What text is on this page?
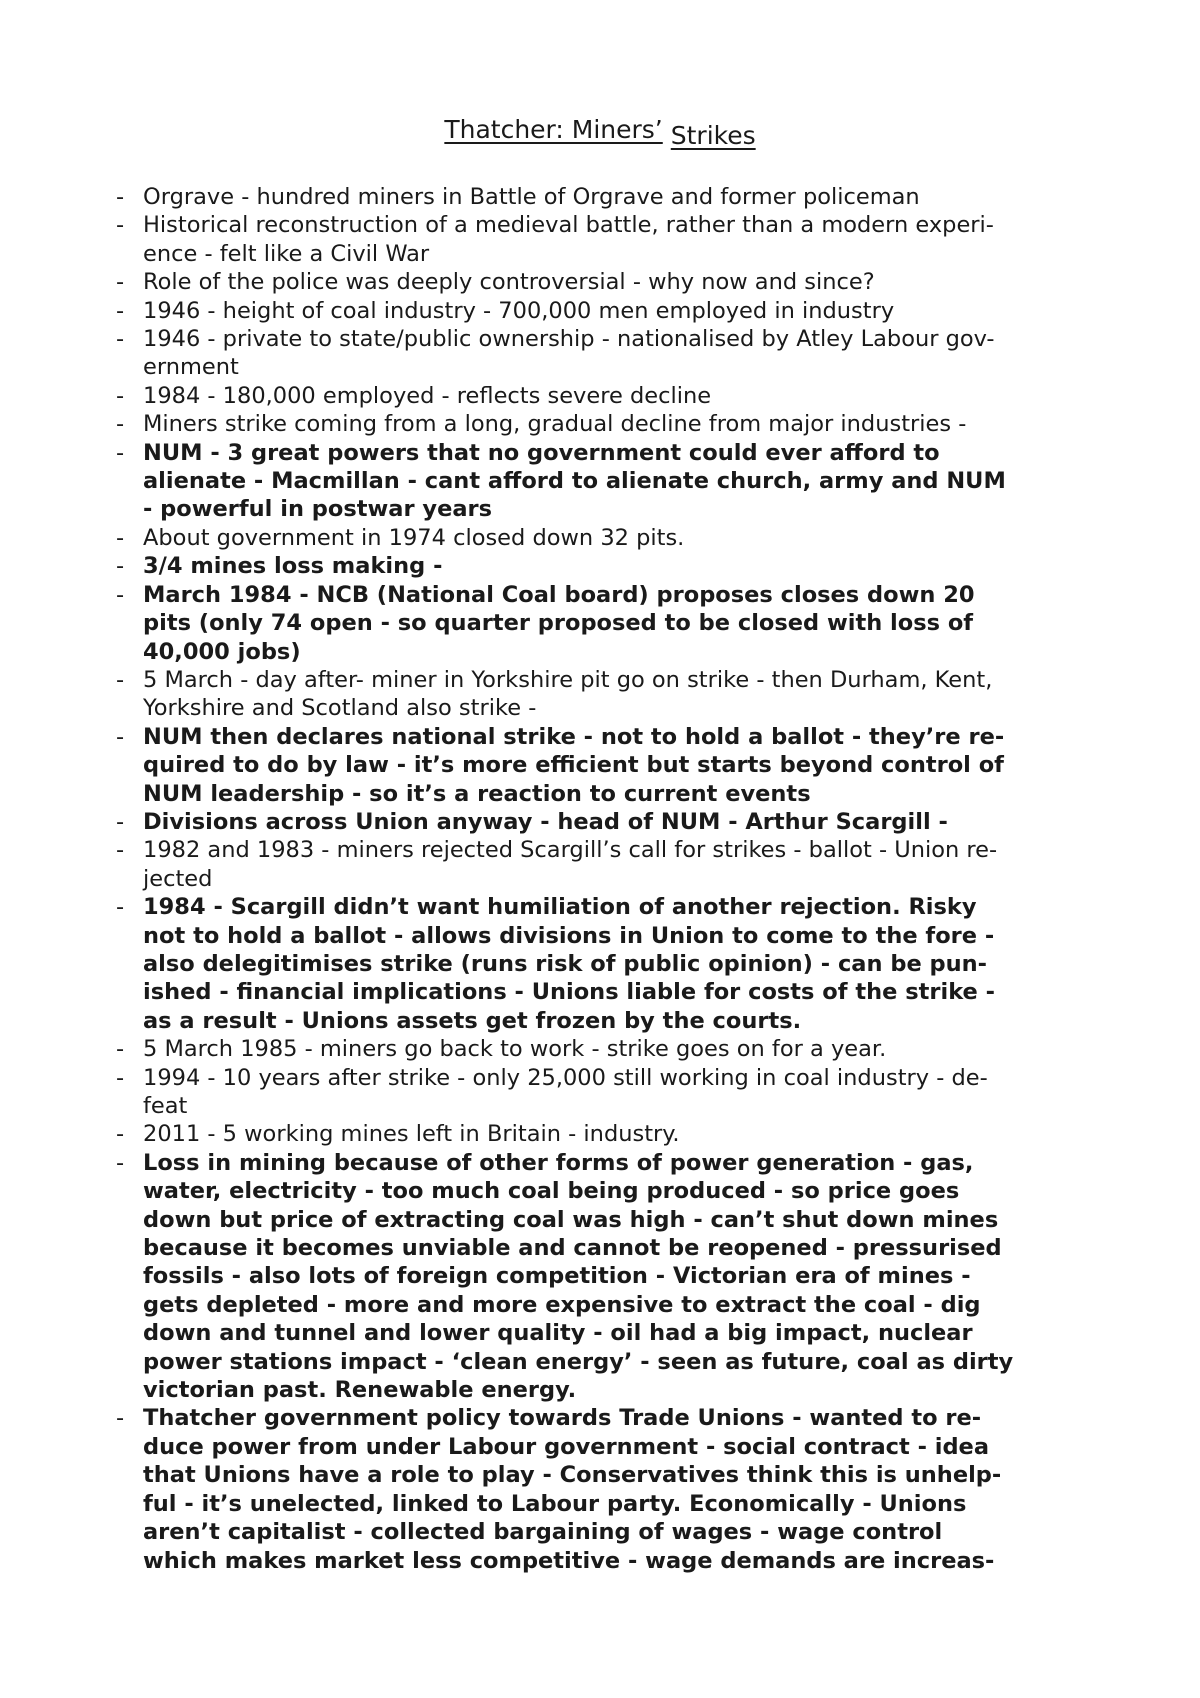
Thatcher: Miners’ Strikes
- Orgrave - hundred miners in Battle of Orgrave and former policeman
- Historical reconstruction of a medieval battle, rather than a modern experi-
ence - felt like a Civil War
- Role of the police was deeply controversial - why now and since?
- 1946 - height of coal industry - 700,000 men employed in industry
- 1946 - private to state/public ownership - nationalised by Atley Labour gov-
ernment
- 1984 - 180,000 employed - reflects severe decline
- Miners strike coming from a long, gradual decline from major industries -
- NUM - 3 great powers that no government could ever afford to
alienate - Macmillan - cant afford to alienate church, army and NUM
- powerful in postwar years
- About government in 1974 closed down 32 pits.
- 3/4 mines loss making -
- March 1984 - NCB (National Coal board) proposes closes down 20
pits (only 74 open - so quarter proposed to be closed with loss of
40,000 jobs)
- 5 March - day after- miner in Yorkshire pit go on strike - then Durham, Kent,
Yorkshire and Scotland also strike -
- NUM then declares national strike - not to hold a ballot - they’re re-
quired to do by law - it’s more efficient but starts beyond control of
NUM leadership - so it’s a reaction to current events
- Divisions across Union anyway - head of NUM - Arthur Scargill -
- 1982 and 1983 - miners rejected Scargill’s call for strikes - ballot - Union re-
jected
- 1984 - Scargill didn’t want humiliation of another rejection. Risky
not to hold a ballot - allows divisions in Union to come to the fore -
also delegitimises strike (runs risk of public opinion) - can be pun-
ished - financial implications - Unions liable for costs of the strike -
as a result - Unions assets get frozen by the courts.
- 5 March 1985 - miners go back to work - strike goes on for a year.
- 1994 - 10 years after strike - only 25,000 still working in coal industry - de-
feat
- 2011 - 5 working mines left in Britain - industry.
- Loss in mining because of other forms of power generation - gas,
water, electricity - too much coal being produced - so price goes
down but price of extracting coal was high - can’t shut down mines
because it becomes unviable and cannot be reopened - pressurised
fossils - also lots of foreign competition - Victorian era of mines -
gets depleted - more and more expensive to extract the coal - dig
down and tunnel and lower quality - oil had a big impact, nuclear
power stations impact - ‘clean energy’ - seen as future, coal as dirty
victorian past. Renewable energy.
- Thatcher government policy towards Trade Unions - wanted to re-
duce power from under Labour government - social contract - idea
that Unions have a role to play - Conservatives think this is unhelp-
ful - it’s unelected, linked to Labour party. Economically - Unions
aren’t capitalist - collected bargaining of wages - wage control
which makes market less competitive - wage demands are increas-
